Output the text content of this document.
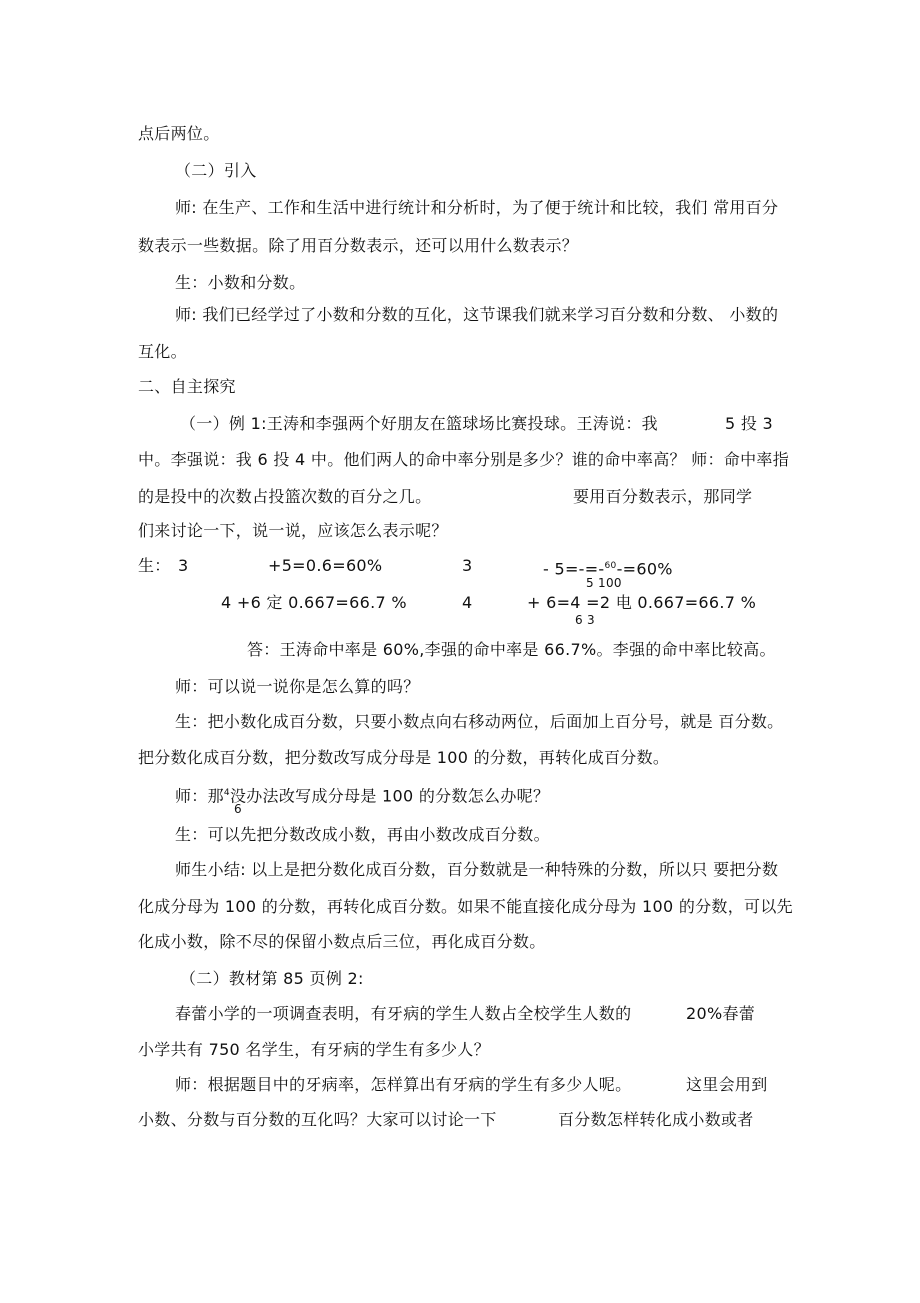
点后两位。
（二）引入
师: 在生产、工作和生活中进行统计和分析时，为了便于统计和比较，我们 常用百分
数表示一些数据。除了用百分数表示，还可以用什么数表示？
生：小数和分数。
师: 我们已经学过了小数和分数的互化，这节课我们就来学习百分数和分数、 小数的
互化。
二、自主探究
（一）例 1:王涛和李强两个好朋友在篮球场比赛投球。王涛说：我	5 投 3
中。李强说：我 6 投 4 中。他们两人的命中率分别是多少？谁的命中率高？ 师：命中率指
的是投中的次数占投篮次数的百分之几。	要用百分数表示，那同学
们来讨论一下，说一说，应该怎么表示呢？
生： 3	+5=0.6=60%	3	- 5=-=-$^{60}$-=60%
5 100
4 +6 定 0.667=66.7 %	4	+ 6=4 =2 电 0.667=66.7 %
6 3
答：王涛命中率是 60%,李强的命中率是 66.7%。李强的命中率比较高。
师：可以说一说你是怎么算的吗？
生：把小数化成百分数，只要小数点向右移动两位，后面加上百分号，就是 百分数。
把分数化成百分数，把分数改写成分母是 100 的分数，再转化成百分数。
师：那$^4$没办法改写成分母是 100 的分数怎么办呢？
6
生：可以先把分数改成小数，再由小数改成百分数。
师生小结: 以上是把分数化成百分数，百分数就是一种特殊的分数，所以只 要把分数
化成分母为 100 的分数，再转化成百分数。如果不能直接化成分母为 100 的分数，可以先
化成小数，除不尽的保留小数点后三位，再化成百分数。
（二）教材第 85 页例 2:
春蕾小学的一项调查表明，有牙病的学生人数占全校学生人数的	20%春蕾
小学共有 750 名学生，有牙病的学生有多少人？
师：根据题目中的牙病率，怎样算出有牙病的学生有多少人呢。	这里会用到
小数、分数与百分数的互化吗？大家可以讨论一下	百分数怎样转化成小数或者
